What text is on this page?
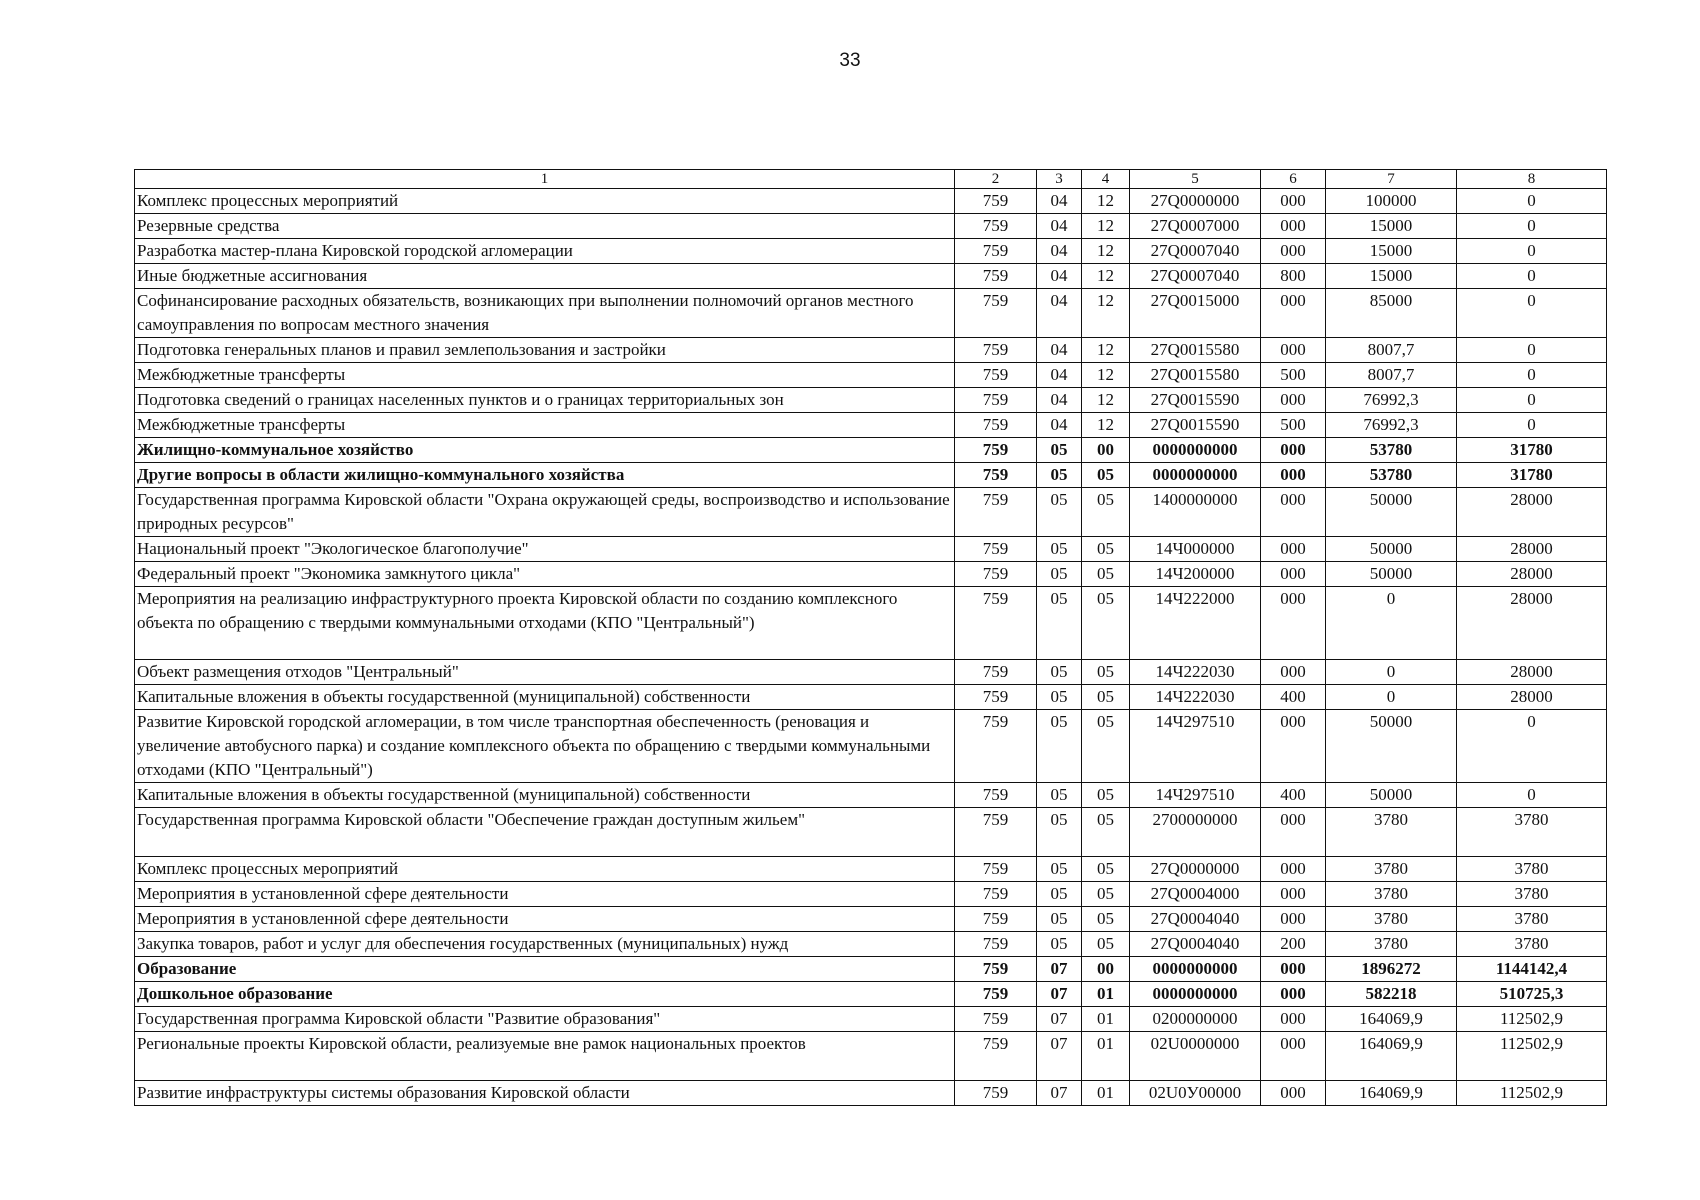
33
1	2	3	4	5	6	7	8
Комплекс процессных мероприятий	759	04	12	27Q0000000	000	100000	0
Резервные средства	759	04	12	27Q0007000	000	15000	0
Разработка мастер-плана Кировской городской агломерации	759	04	12	27Q0007040	000	15000	0
Иные бюджетные ассигнования	759	04	12	27Q0007040	800	15000	0
Софинансирование расходных обязательств, возникающих при выполнении полномочий органов местного самоуправления по вопросам местного значения	759	04	12	27Q0015000	000	85000	0
Подготовка генеральных планов и правил землепользования и застройки	759	04	12	27Q0015580	000	8007,7	0
Межбюджетные трансферты	759	04	12	27Q0015580	500	8007,7	0
Подготовка сведений о границах населенных пунктов и о границах территориальных зон	759	04	12	27Q0015590	000	76992,3	0
Межбюджетные трансферты	759	04	12	27Q0015590	500	76992,3	0
Жилищно-коммунальное хозяйство	759	05	00	0000000000	000	53780	31780
Другие вопросы в области жилищно-коммунального хозяйства	759	05	05	0000000000	000	53780	31780
Государственная программа Кировской области "Охрана окружающей среды, воспроизводство и использование природных ресурсов"	759	05	05	1400000000	000	50000	28000
Национальный проект "Экологическое благополучие"	759	05	05	14Ч000000	000	50000	28000
Федеральный проект "Экономика замкнутого цикла"	759	05	05	14Ч200000	000	50000	28000
Мероприятия на реализацию инфраструктурного проекта Кировской области по созданию комплексного объекта по обращению с твердыми коммунальными отходами (КПО "Центральный")	759	05	05	14Ч222000	000	0	28000
Объект размещения отходов "Центральный"	759	05	05	14Ч222030	000	0	28000
Капитальные вложения в объекты государственной (муниципальной) собственности	759	05	05	14Ч222030	400	0	28000
Развитие Кировской городской агломерации, в том числе транспортная обеспеченность (реновация и увеличение автобусного парка) и создание комплексного объекта по обращению с твердыми коммунальными отходами (КПО "Центральный")	759	05	05	14Ч297510	000	50000	0
Капитальные вложения в объекты государственной (муниципальной) собственности	759	05	05	14Ч297510	400	50000	0
Государственная программа Кировской области "Обеспечение граждан доступным жильем"	759	05	05	2700000000	000	3780	3780
Комплекс процессных мероприятий	759	05	05	27Q0000000	000	3780	3780
Мероприятия в установленной сфере деятельности	759	05	05	27Q0004000	000	3780	3780
Мероприятия в установленной сфере деятельности	759	05	05	27Q0004040	000	3780	3780
Закупка товаров, работ и услуг для обеспечения государственных (муниципальных) нужд	759	05	05	27Q0004040	200	3780	3780
Образование	759	07	00	0000000000	000	1896272	1144142,4
Дошкольное образование	759	07	01	0000000000	000	582218	510725,3
Государственная программа Кировской области "Развитие образования"	759	07	01	0200000000	000	164069,9	112502,9
Региональные проекты Кировской области, реализуемые вне рамок национальных проектов	759	07	01	02U0000000	000	164069,9	112502,9
Развитие инфраструктуры системы образования Кировской области	759	07	01	02U0У00000	000	164069,9	112502,9
